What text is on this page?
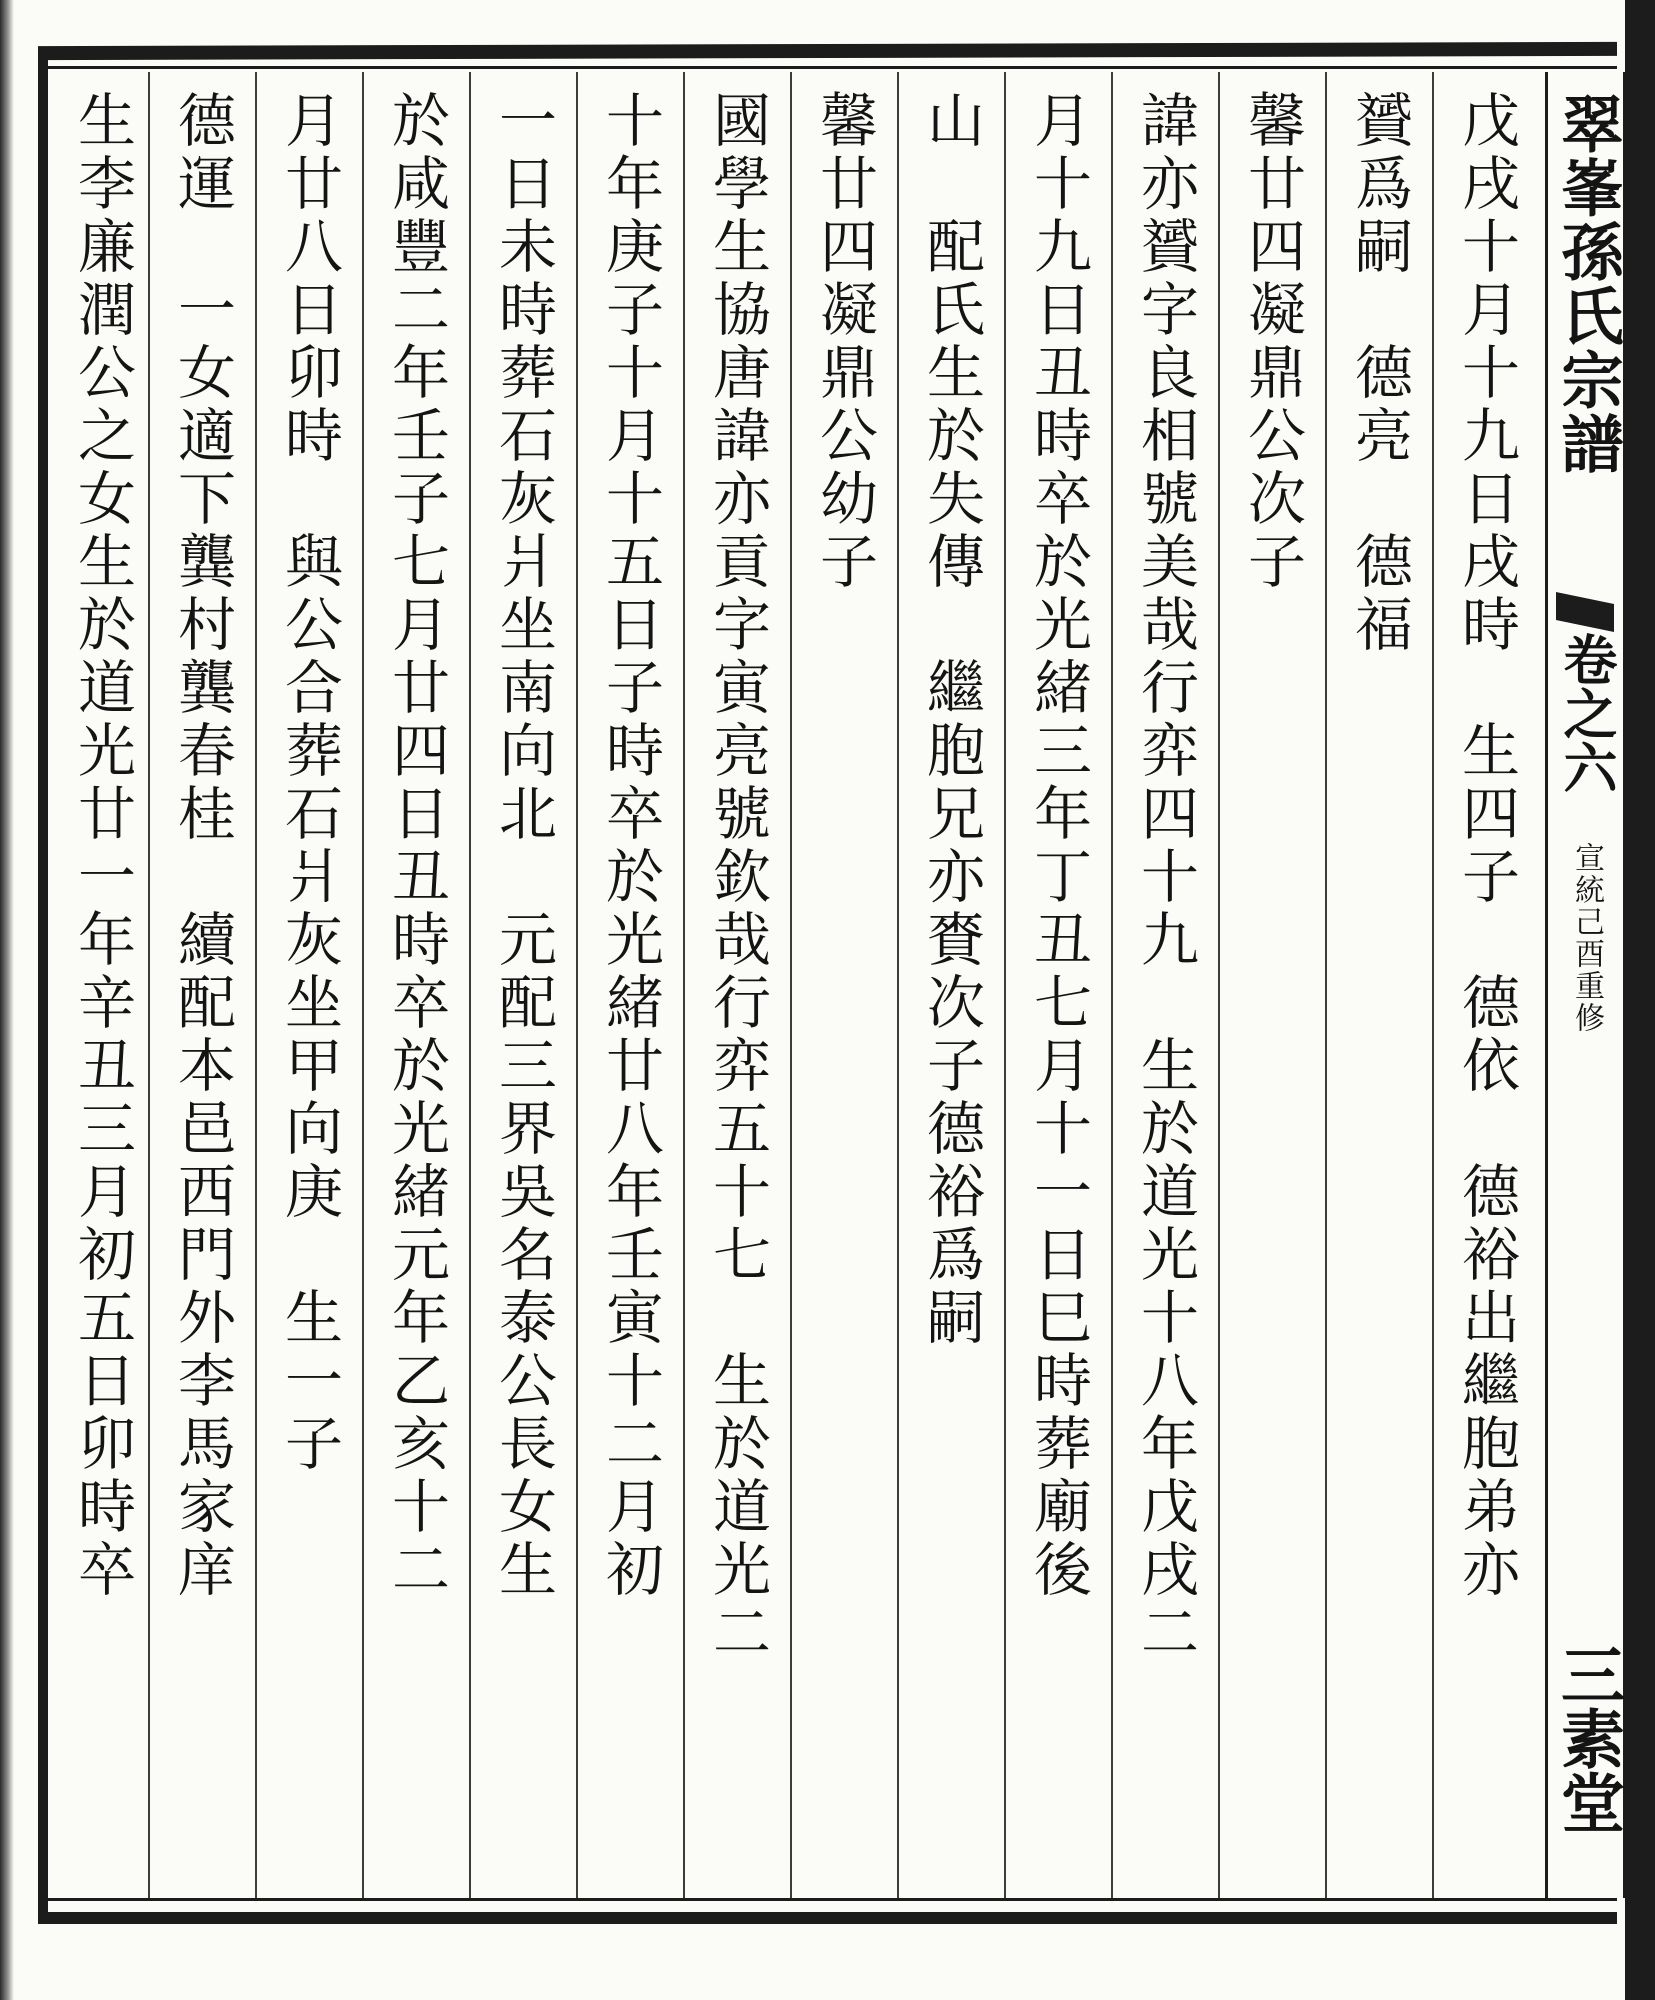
戊戌十月十九日戌時　生四子　德依　德裕出繼胞弟亦
贇爲嗣　德亮　德福
馨廿四凝鼎公次子
諱亦贇字良相號美哉行弈四十九　生於道光十八年戊戌二
月十九日丑時卒於光緒三年丁丑七月十一日巳時葬廟後
山　配氏生於失傳　繼胞兄亦賚次子德裕爲嗣
馨廿四凝鼎公幼子
國學生協唐諱亦貢字寅亮號欽哉行弈五十七　生於道光二
十年庚子十月十五日子時卒於光緒廿八年壬寅十二月初
一日未時葬石灰爿坐南向北　元配三界吳名泰公長女生
於咸豐二年壬子七月廿四日丑時卒於光緒元年乙亥十二
月廿八日卯時　與公合葬石爿灰坐甲向庚　生一子
德運　一女適下龔村龔春桂　續配本邑西門外李馬家庠
生李廉潤公之女生於道光廿一年辛丑三月初五日卯時卒	翠峯孫氏宗譜
卷之六
宣統己酉重修
三素堂
